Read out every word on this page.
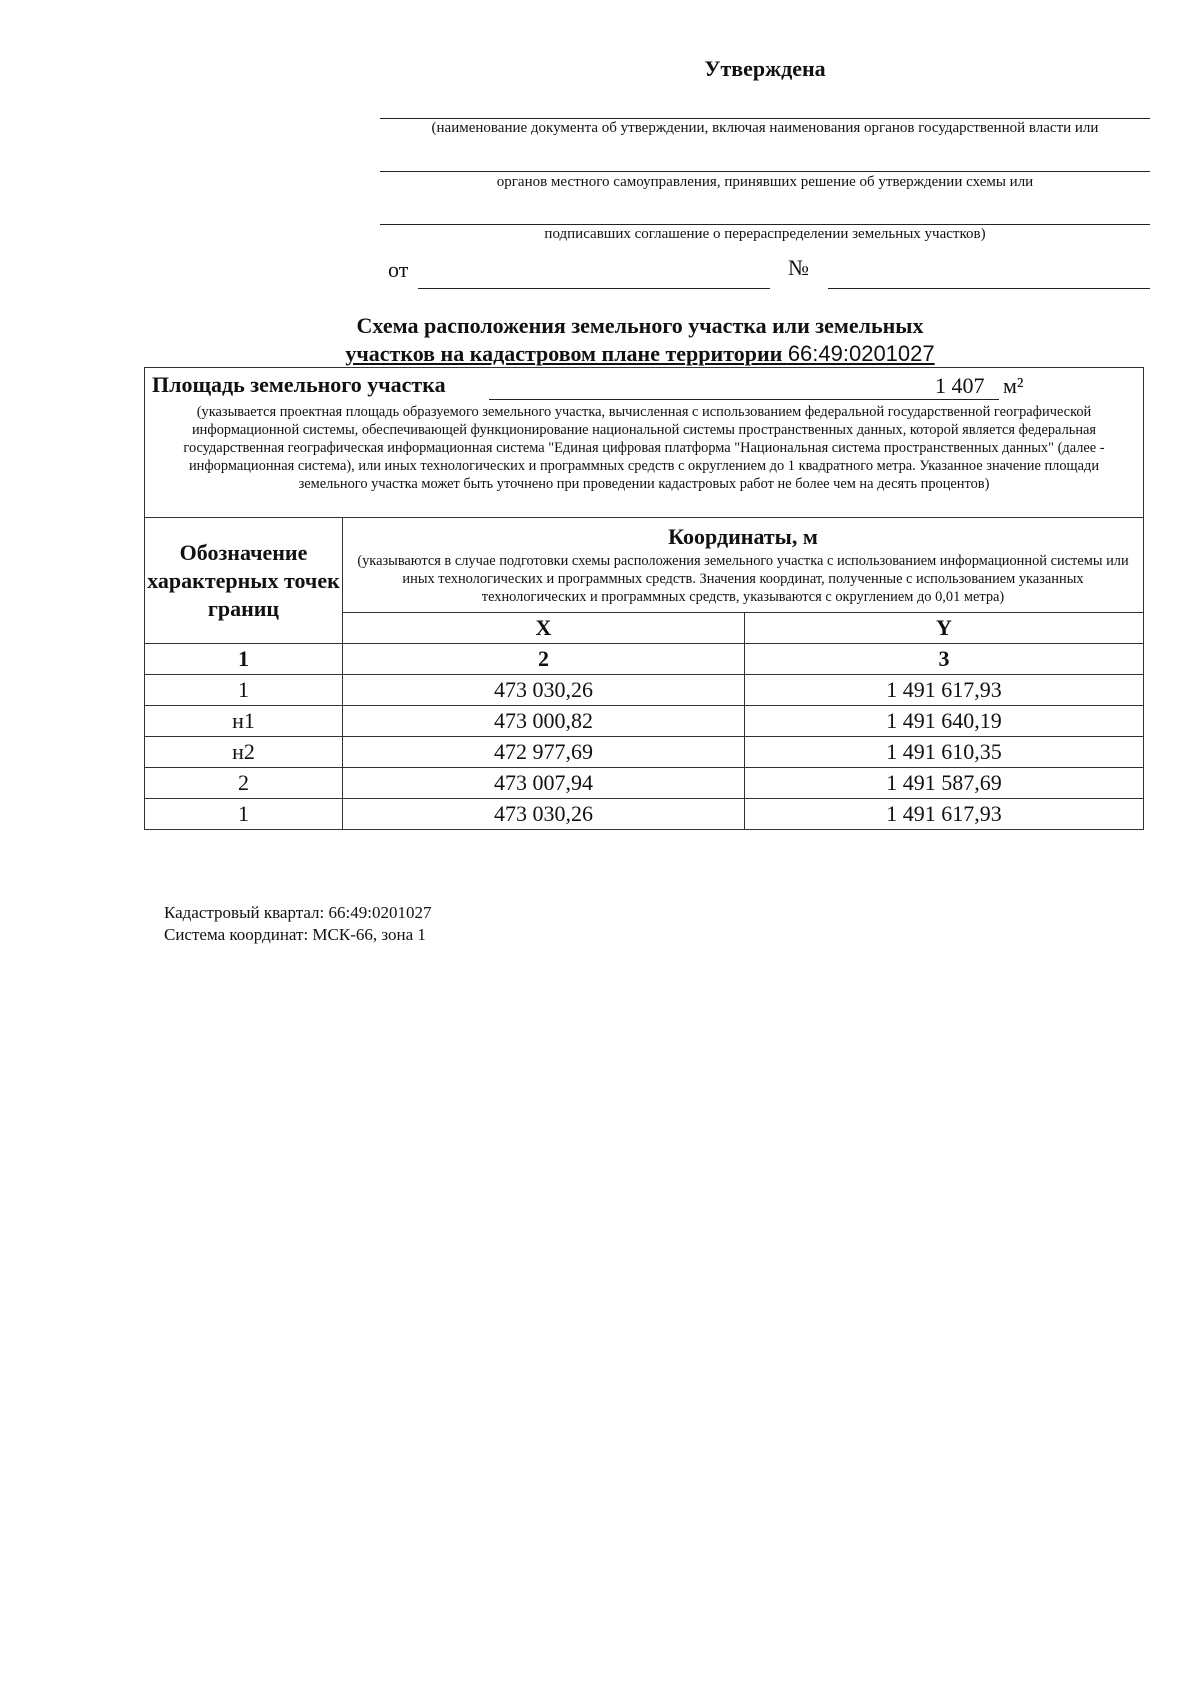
Утверждена
(наименование документа об утверждении, включая наименования органов государственной власти или
органов местного самоуправления, принявших решение об утверждении схемы или
подписавших соглашение о перераспределении земельных участков)
от	№
Схема расположения земельного участка или земельных
участков на кадастровом плане территории 66:49:0201027
Площадь земельного участка 1 407 м²
(указывается проектная площадь образуемого земельного участка, вычисленная с использованием федеральной государственной географической информационной системы, обеспечивающей функционирование национальной системы пространственных данных, которой является федеральная государственная географическая информационная система "Единая цифровая платформа "Национальная система пространственных данных" (далее - информационная система), или иных технологических и программных средств с округлением до 1 квадратного метра. Указанное значение площади земельного участка может быть уточнено при проведении кадастровых работ не более чем на десять процентов)		

Обозначение характерных точек границ	Координаты, м
(указываются в случае подготовки схемы расположения земельного участка с использованием информационной системы или иных технологических и программных средств. Значения координат, полученные с использованием указанных технологических и программных средств, указываются с округлением до 0,01 метра)	

	X	Y
1	2	3
1	473 030,26	1 491 617,93
н1	473 000,82	1 491 640,19
н2	472 977,69	1 491 610,35
2	473 007,94	1 491 587,69
1	473 030,26	1 491 617,93
Кадастровый квартал: 66:49:0201027
Система координат: МСК-66, зона 1
